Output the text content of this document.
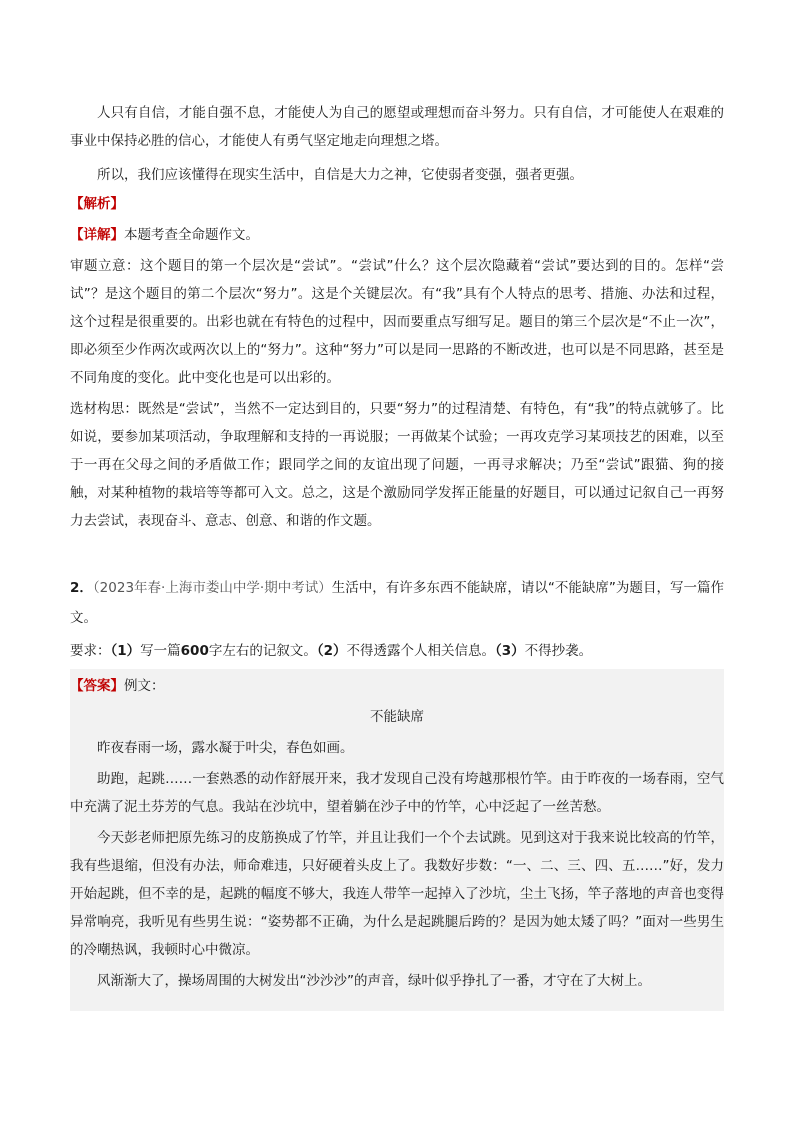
人只有自信，才能自强不息，才能使人为自己的愿望或理想而奋斗努力。只有自信，才可能使人在艰难的事业中保持必胜的信心，才能使人有勇气坚定地走向理想之塔。

所以，我们应该懂得在现实生活中，自信是大力之神，它使弱者变强，强者更强。

【解析】

【详解】本题考查全命题作文。

审题立意：这个题目的第一个层次是“尝试”。“尝试”什么？这个层次隐藏着“尝试”要达到的目的。怎样“尝试”？是这个题目的第二个层次“努力”。这是个关键层次。有“我”具有个人特点的思考、措施、办法和过程，这个过程是很重要的。出彩也就在有特色的过程中，因而要重点写细写足。题目的第三个层次是“不止一次”，即必须至少作两次或两次以上的“努力”。这种“努力”可以是同一思路的不断改进，也可以是不同思路，甚至是不同角度的变化。此中变化也是可以出彩的。

选材构思：既然是“尝试”，当然不一定达到目的，只要“努力”的过程清楚、有特色，有“我”的特点就够了。比如说，要参加某项活动，争取理解和支持的一再说服；一再做某个试验；一再攻克学习某项技艺的困难，以至于一再在父母之间的矛盾做工作；跟同学之间的友谊出现了问题，一再寻求解决；乃至“尝试”跟猫、狗的接触，对某种植物的栽培等等都可入文。总之，这是个激励同学发挥正能量的好题目，可以通过记叙自己一再努力去尝试，表现奋斗、意志、创意、和谐的作文题。

2．（2023年春·上海市娄山中学·期中考试）生活中，有许多东西不能缺席，请以“不能缺席”为题目，写一篇作文。

要求：（1）写一篇600字左右的记叙文。（2）不得透露个人相关信息。（3）不得抄袭。

【答案】例文：

不能缺席

昨夜春雨一场，露水凝于叶尖，春色如画。

助跑，起跳……一套熟悉的动作舒展开来，我才发现自己没有垮越那根竹竿。由于昨夜的一场春雨，空气中充满了泥土芬芳的气息。我站在沙坑中，望着躺在沙子中的竹竿，心中泛起了一丝苦愁。

今天彭老师把原先练习的皮筋换成了竹竿，并且让我们一个个去试跳。见到这对于我来说比较高的竹竿，我有些退缩，但没有办法，师命难违，只好硬着头皮上了。我数好步数：“一、二、三、四、五……”好，发力开始起跳，但不幸的是，起跳的幅度不够大，我连人带竿一起掉入了沙坑，尘土飞扬，竿子落地的声音也变得异常响亮，我听见有些男生说：“姿势都不正确，为什么是起跳腿后跨的？是因为她太矮了吗？”面对一些男生的冷嘲热讽，我顿时心中微凉。

风渐渐大了，操场周围的大树发出“沙沙沙”的声音，绿叶似乎挣扎了一番，才守在了大树上。
